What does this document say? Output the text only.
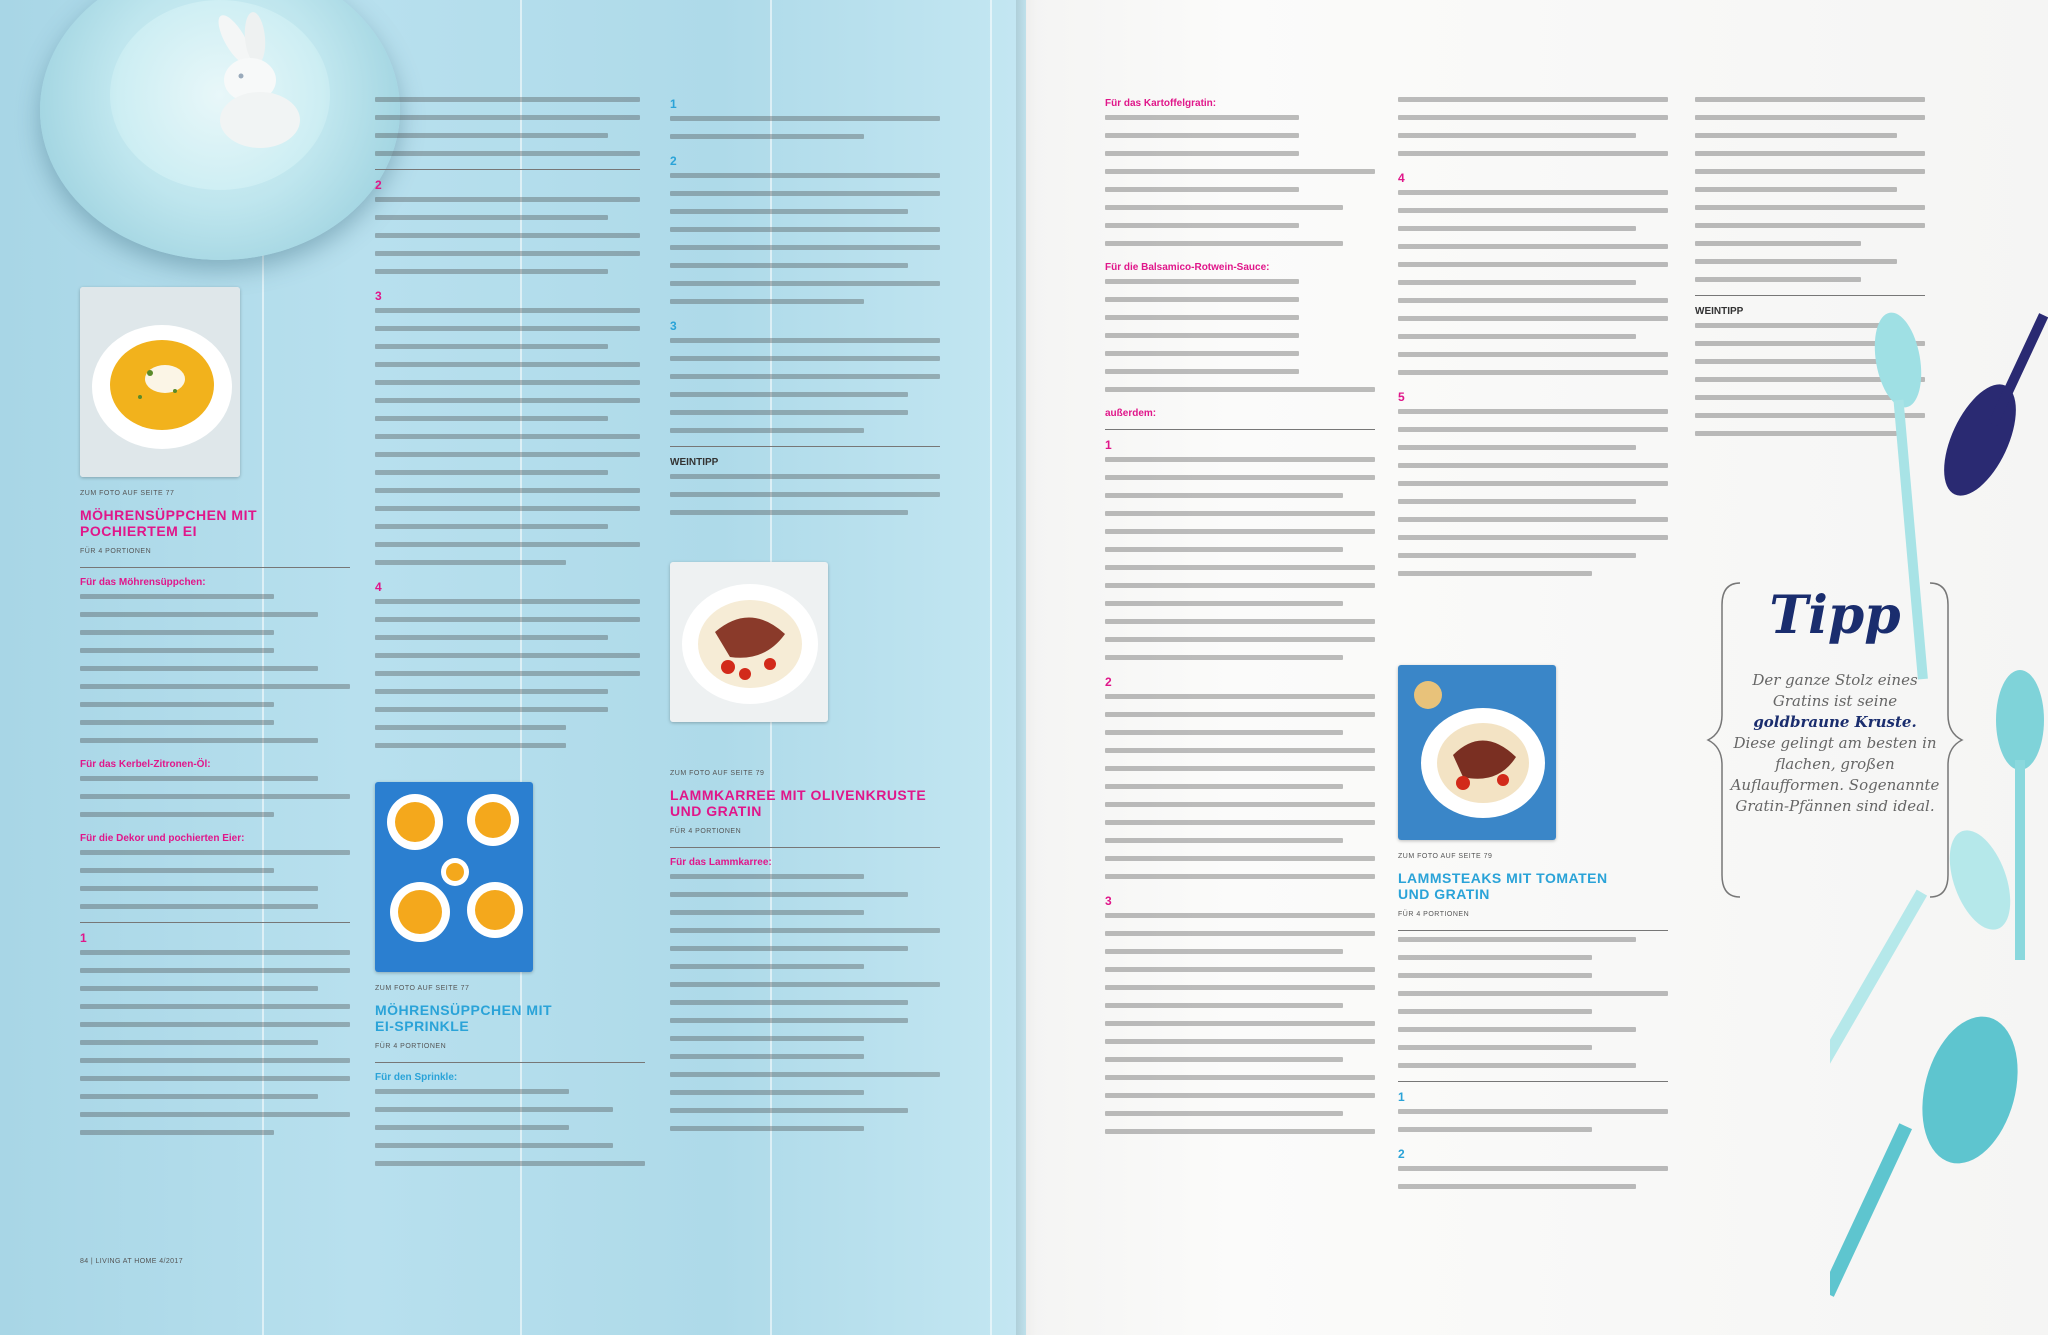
ZUM FOTO AUF SEITE 77
MÖHRENSÜPPCHEN MIT POCHIERTEM EI
FÜR 4 PORTIONEN
Für das Möhrensüppchen:
Für das Kerbel-Zitronen-Öl:
Für die Dekor und pochierten Eier:
1
2
3
4
ZUM FOTO AUF SEITE 77
MÖHRENSÜPPCHEN MIT EI-SPRINKLE
FÜR 4 PORTIONEN
Für den Sprinkle:
1
2
3
WEINTIPP
ZUM FOTO AUF SEITE 79
LAMMKARREE MIT OLIVENKRUSTE UND GRATIN
FÜR 4 PORTIONEN
Für das Lammkarree:
Für das Kartoffelgratin:
Für die Balsamico-Rotwein-Sauce:
außerdem:
1
2
3
4
5
ZUM FOTO AUF SEITE 79
LAMMSTEAKS MIT TOMATEN UND GRATIN
FÜR 4 PORTIONEN
1
2
WEINTIPP
Tipp
Der ganze Stolz eines Gratins ist seine goldbraune Kruste. Diese gelingt am besten in flachen, großen Auflaufformen. Sogenannte Gratin-Pfännen sind ideal.
84 | LIVING AT HOME 4/2017
